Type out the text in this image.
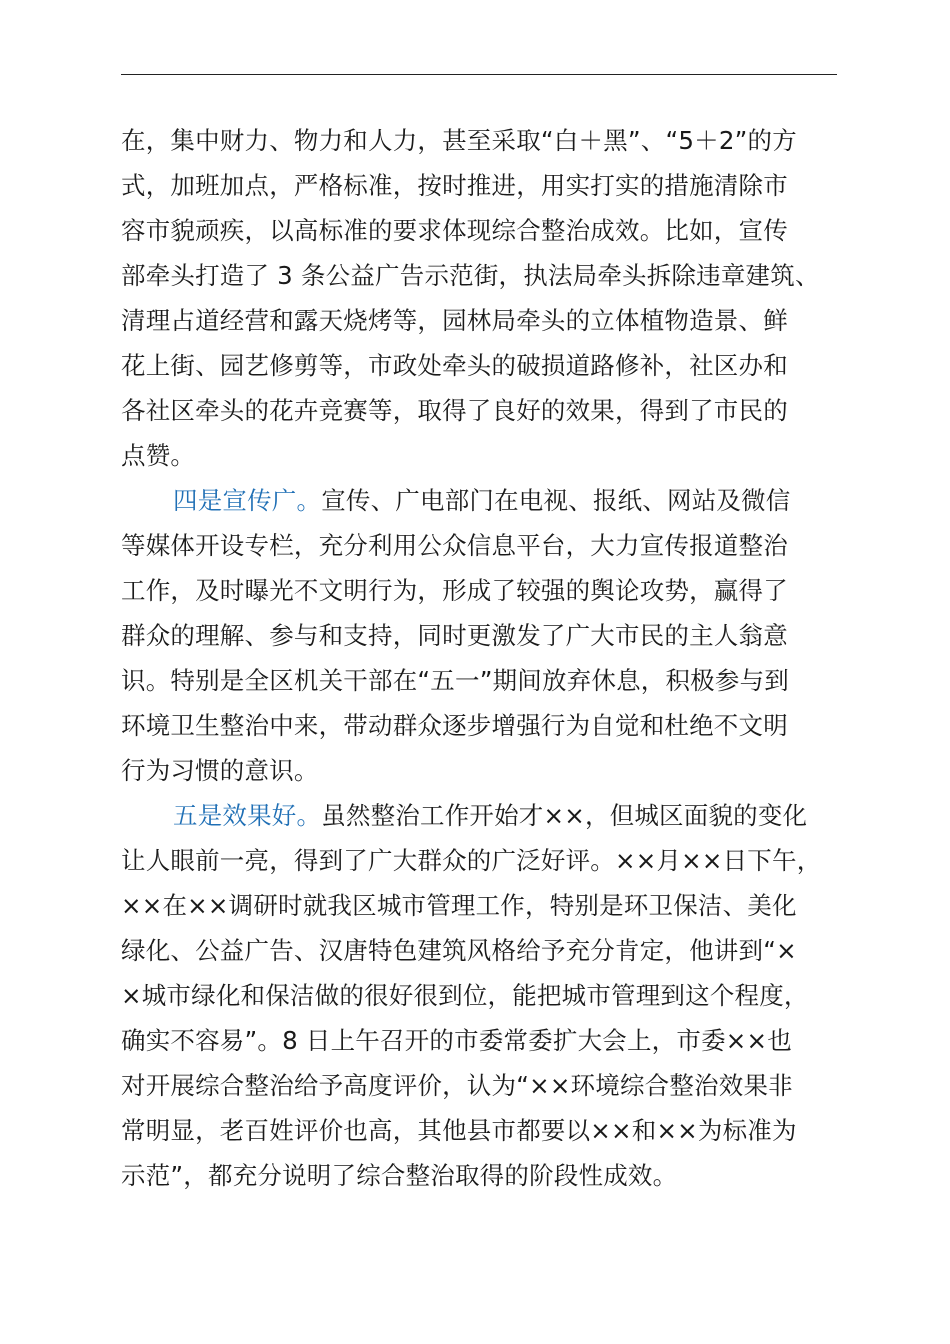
在，集中财力、物力和人力，甚至采取“白＋黑”、“5＋2”的方
式，加班加点，严格标准，按时推进，用实打实的措施清除市
容市貌顽疾，以高标准的要求体现综合整治成效。比如，宣传
部牵头打造了 3 条公益广告示范街，执法局牵头拆除违章建筑、
清理占道经营和露天烧烤等，园林局牵头的立体植物造景、鲜
花上街、园艺修剪等，市政处牵头的破损道路修补，社区办和
各社区牵头的花卉竞赛等，取得了良好的效果，得到了市民的
点赞。
四是宣传广。宣传、广电部门在电视、报纸、网站及微信
等媒体开设专栏，充分利用公众信息平台，大力宣传报道整治
工作，及时曝光不文明行为，形成了较强的舆论攻势，赢得了
群众的理解、参与和支持，同时更激发了广大市民的主人翁意
识。特别是全区机关干部在“五一”期间放弃休息，积极参与到
环境卫生整治中来，带动群众逐步增强行为自觉和杜绝不文明
行为习惯的意识。
五是效果好。虽然整治工作开始才××，但城区面貌的变化
让人眼前一亮，得到了广大群众的广泛好评。××月××日下午，
××在××调研时就我区城市管理工作，特别是环卫保洁、美化
绿化、公益广告、汉唐特色建筑风格给予充分肯定，他讲到“×
×城市绿化和保洁做的很好很到位，能把城市管理到这个程度，
确实不容易”。8 日上午召开的市委常委扩大会上，市委××也
对开展综合整治给予高度评价，认为“××环境综合整治效果非
常明显，老百姓评价也高，其他县市都要以××和××为标准为
示范”，都充分说明了综合整治取得的阶段性成效。
